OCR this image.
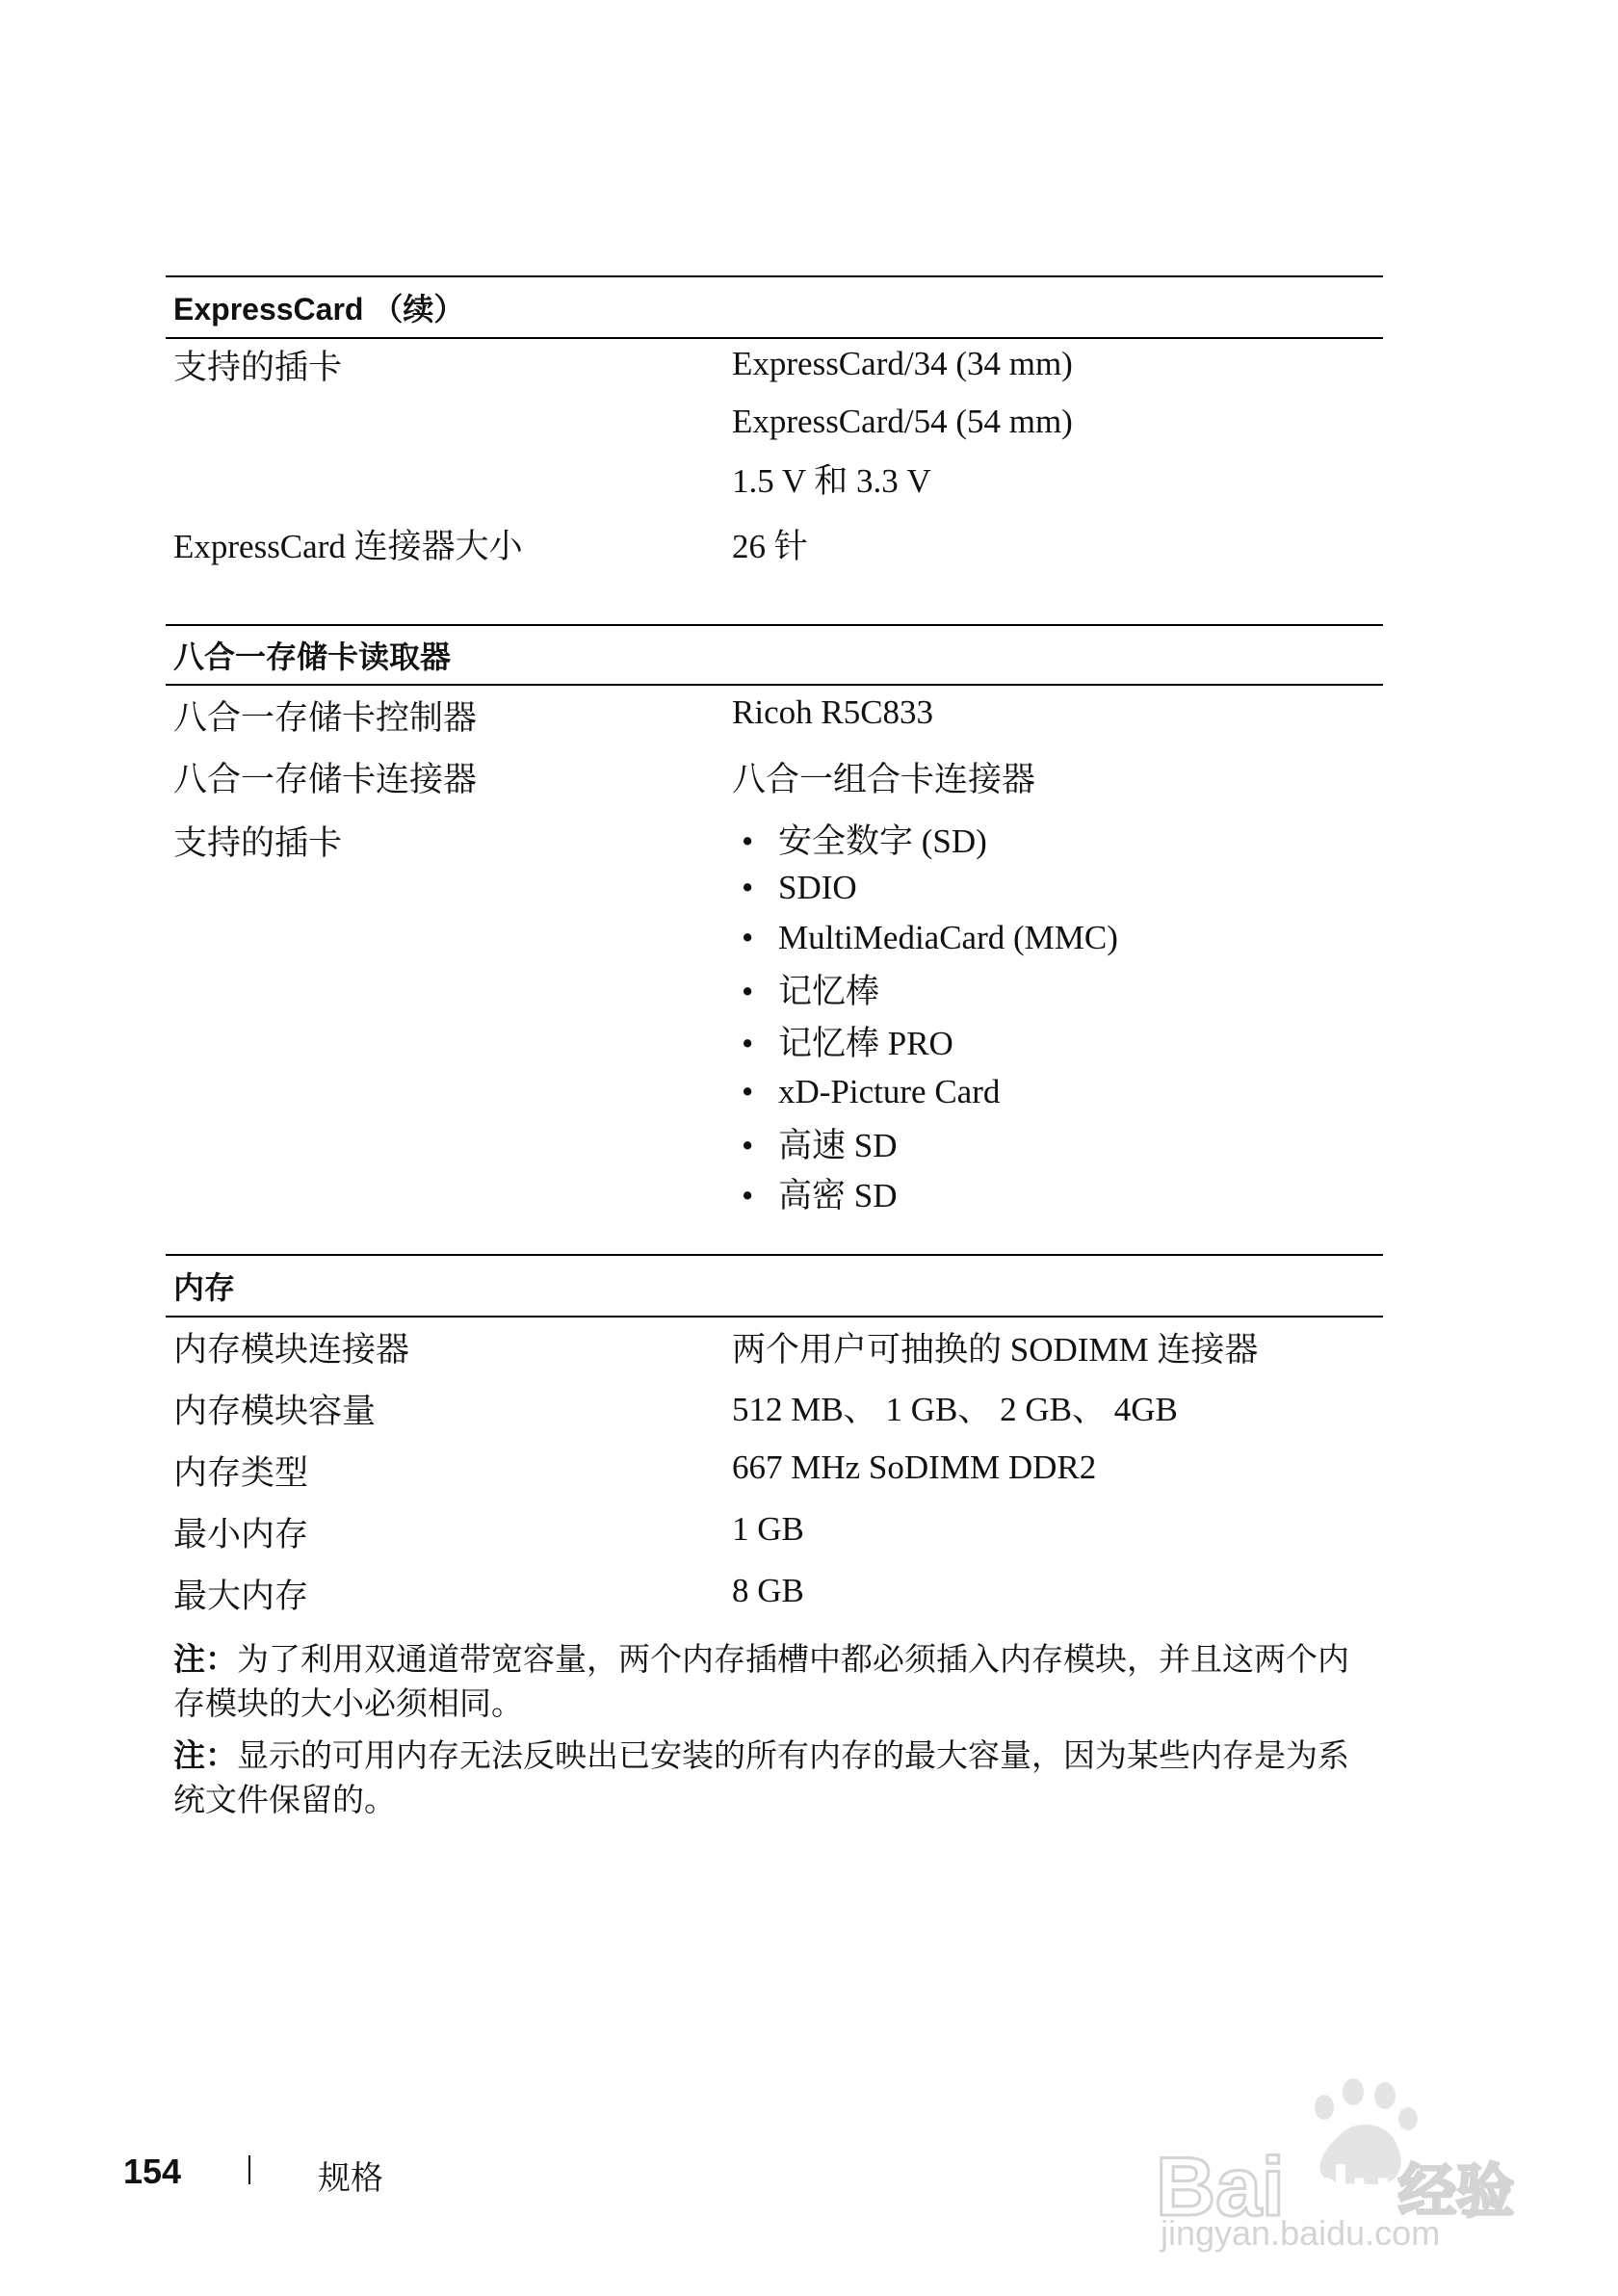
ExpressCard （续）
支持的插卡	ExpressCard/34 (34 mm)
ExpressCard/54 (54 mm)
1.5 V 和 3.3 V
ExpressCard 连接器大小	26 针
八合一存储卡读取器
八合一存储卡控制器	Ricoh R5C833
八合一存储卡连接器	八合一组合卡连接器
支持的插卡	• 安全数字 (SD)
• SDIO
• MultiMediaCard (MMC)
• 记忆棒
• 记忆棒 PRO
• xD-Picture Card
• 高速 SD
• 高密 SD
内存
内存模块连接器	两个用户可抽换的 SODIMM 连接器
内存模块容量	512 MB、 1 GB、 2 GB、 4GB
内存类型	667 MHz SoDIMM DDR2
最小内存	1 GB
最大内存	8 GB
注：为了利用双通道带宽容量，两个内存插槽中都必须插入内存模块，并且这两个内存模块的大小必须相同。
注：显示的可用内存无法反映出已安装的所有内存的最大容量，因为某些内存是为系统文件保留的。
154	规格	Bai du 经验
jingyan.baidu.com
